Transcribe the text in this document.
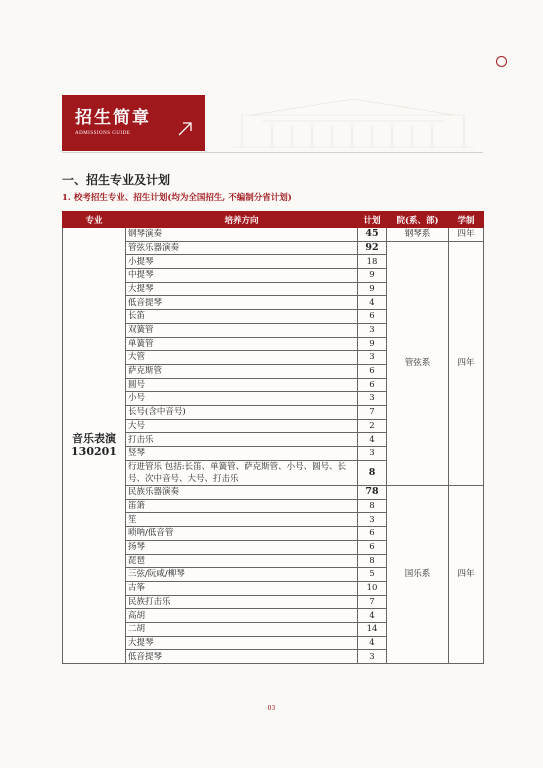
招生简章
ADMISSIONS GUIDE
一、招生专业及计划
1. 校考招生专业、招生计划(均为全国招生, 不编制分省计划)
专业	培养方向	计划	院(系、部)	学制

音乐表演
130201	钢琴演奏	45	钢琴系	四年
	管弦乐器演奏	92	管弦系	四年
	小提琴	18		
	中提琴	9		
	大提琴	9		
	低音提琴	4		
	长笛	6		
	双簧管	3		
	单簧管	9		
	大管	3		
	萨克斯管	6		
	圆号	6		
	小号	3		
	长号(含中音号)	7		
	大号	2		
	打击乐	4		
	竖琴	3		
	行进管乐 包括:长笛、单簧管、萨克斯管、小号、圆号、长号、次中音号、大号、打击乐	8		
	民族乐器演奏	78	国乐系	四年
	笛箫	8		
	笙	3		
	唢呐/低音管	6		
	扬琴	6		
	琵琶	8		
	三弦/阮咸/柳琴	5		
	古筝	10		
	民族打击乐	7		
	高胡	4		
	二胡	14		
	大提琴	4		
	低音提琴	3		
03
